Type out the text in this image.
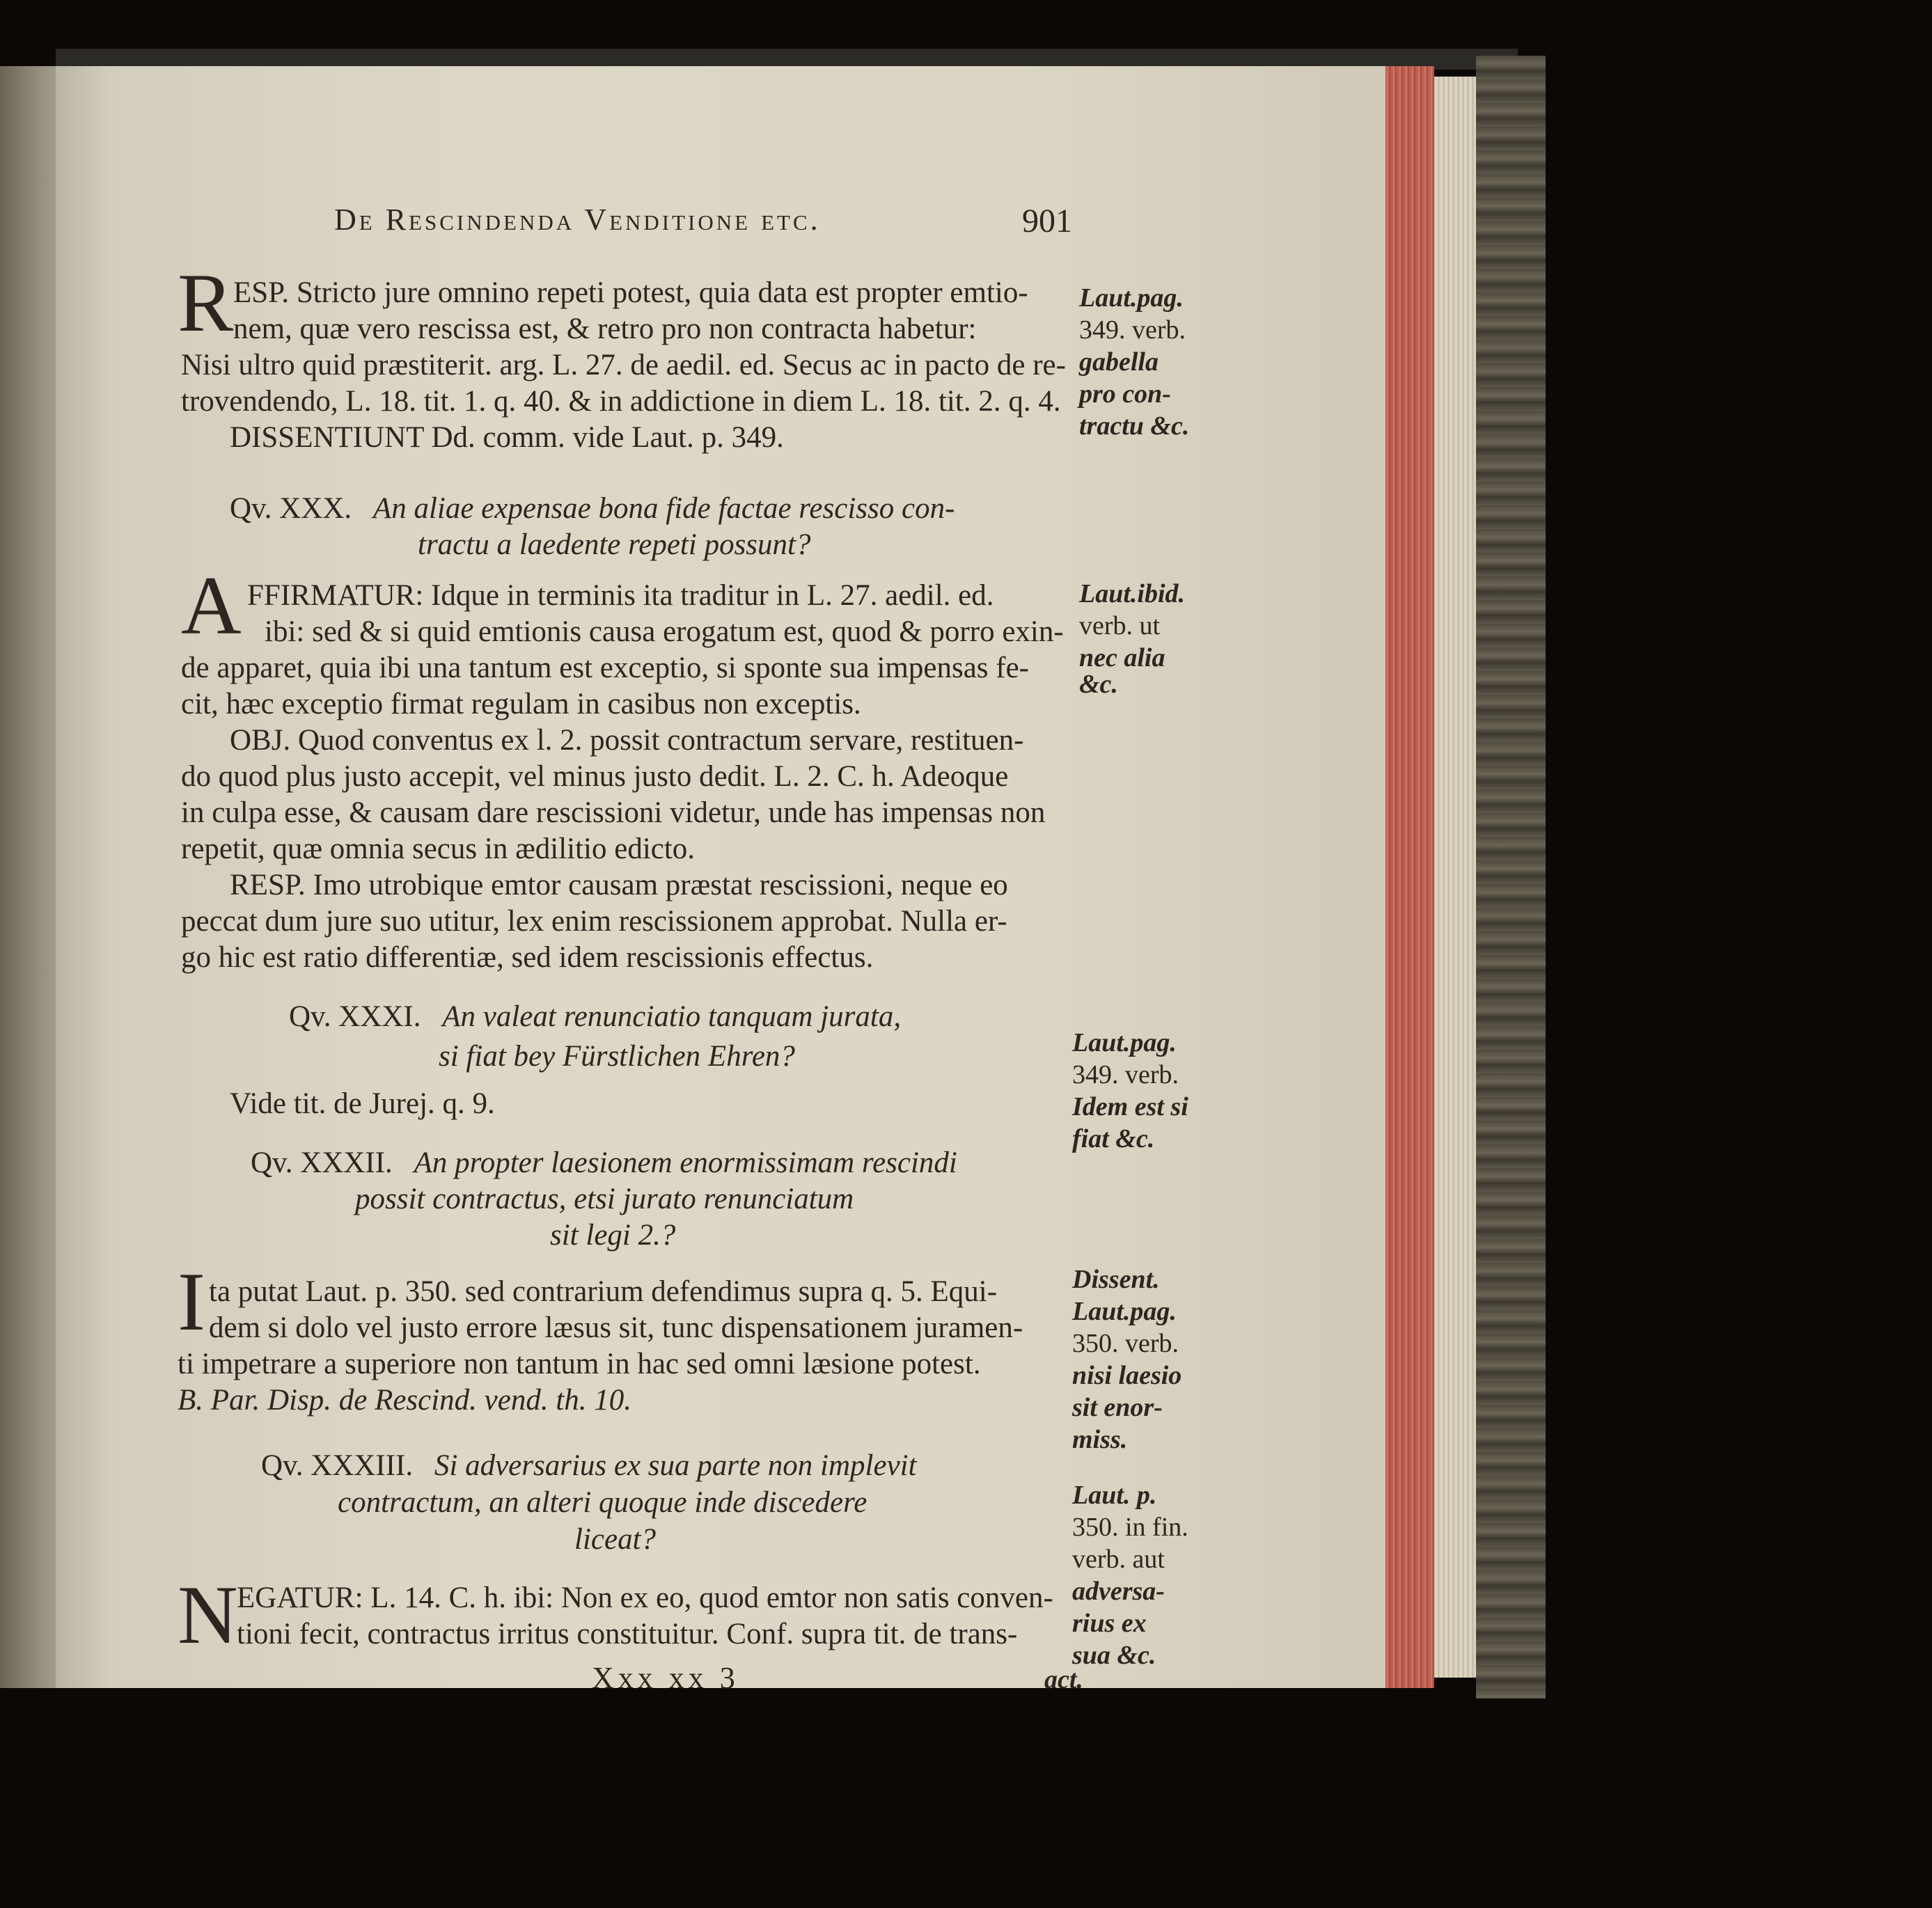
De Rescindenda Venditione etc.	901
R ESP. Stricto jure omnino repeti potest, quia data est propter emtio-
nem, quæ vero rescissa est, & retro pro non contracta habetur:
Nisi ultro quid præstiterit. arg. L. 27. de aedil. ed. Secus ac in pacto de re-
trovendendo, L. 18. tit. 1. q. 40. & in addictione in diem L. 18. tit. 2. q. 4.
DISSENTIUNT Dd. comm. vide Laut. p. 349.
Qv. XXX. An aliae expensae bona fide factae rescisso con-
tractu a laedente repeti possunt?
A FFIRMATUR: Idque in terminis ita traditur in L. 27. aedil. ed.
ibi: sed & si quid emtionis causa erogatum est, quod & porro exin-
de apparet, quia ibi una tantum est exceptio, si sponte sua impensas fe-
cit, hæc exceptio firmat regulam in casibus non exceptis.
OBJ. Quod conventus ex l. 2. possit contractum servare, restituen-
do quod plus justo accepit, vel minus justo dedit. L. 2. C. h. Adeoque
in culpa esse, & causam dare rescissioni videtur, unde has impensas non
repetit, quæ omnia secus in ædilitio edicto.
RESP. Imo utrobique emtor causam præstat rescissioni, neque eo
peccat dum jure suo utitur, lex enim rescissionem approbat. Nulla er-
go hic est ratio differentiæ, sed idem rescissionis effectus.
Qv. XXXI. An valeat renunciatio tanquam jurata,
si fiat bey Fürstlichen Ehren?
Vide tit. de Jurej. q. 9.
Qv. XXXII. An propter laesionem enormissimam rescindi
possit contractus, etsi jurato renunciatum
sit legi 2.?
I ta putat Laut. p. 350. sed contrarium defendimus supra q. 5. Equi-
dem si dolo vel justo errore læsus sit, tunc dispensationem juramen-
ti impetrare a superiore non tantum in hac sed omni læsione potest.
B. Par. Disp. de Rescind. vend. th. 10.
Qv. XXXIII. Si adversarius ex sua parte non implevit
contractum, an alteri quoque inde discedere
liceat?
N
EGATUR: L. 14. C. h. ibi: Non ex eo, quod emtor non satis conven-
tioni fecit, contractus irritus constituitur. Conf. supra tit. de trans-
Xxx xx 3
Laut.pag.
349. verb.
gabella
pro con-
tractu &c.
Laut.ibid.
verb. ut
nec alia
&c.
Laut.pag.
349. verb.
Idem est si
fiat &c.
Dissent.
Laut.pag.
350. verb.
nisi laesio
sit enor-
miss.
Laut. p.
350. in fin.
verb. aut
adversa-
rius ex
sua &c.
act.
